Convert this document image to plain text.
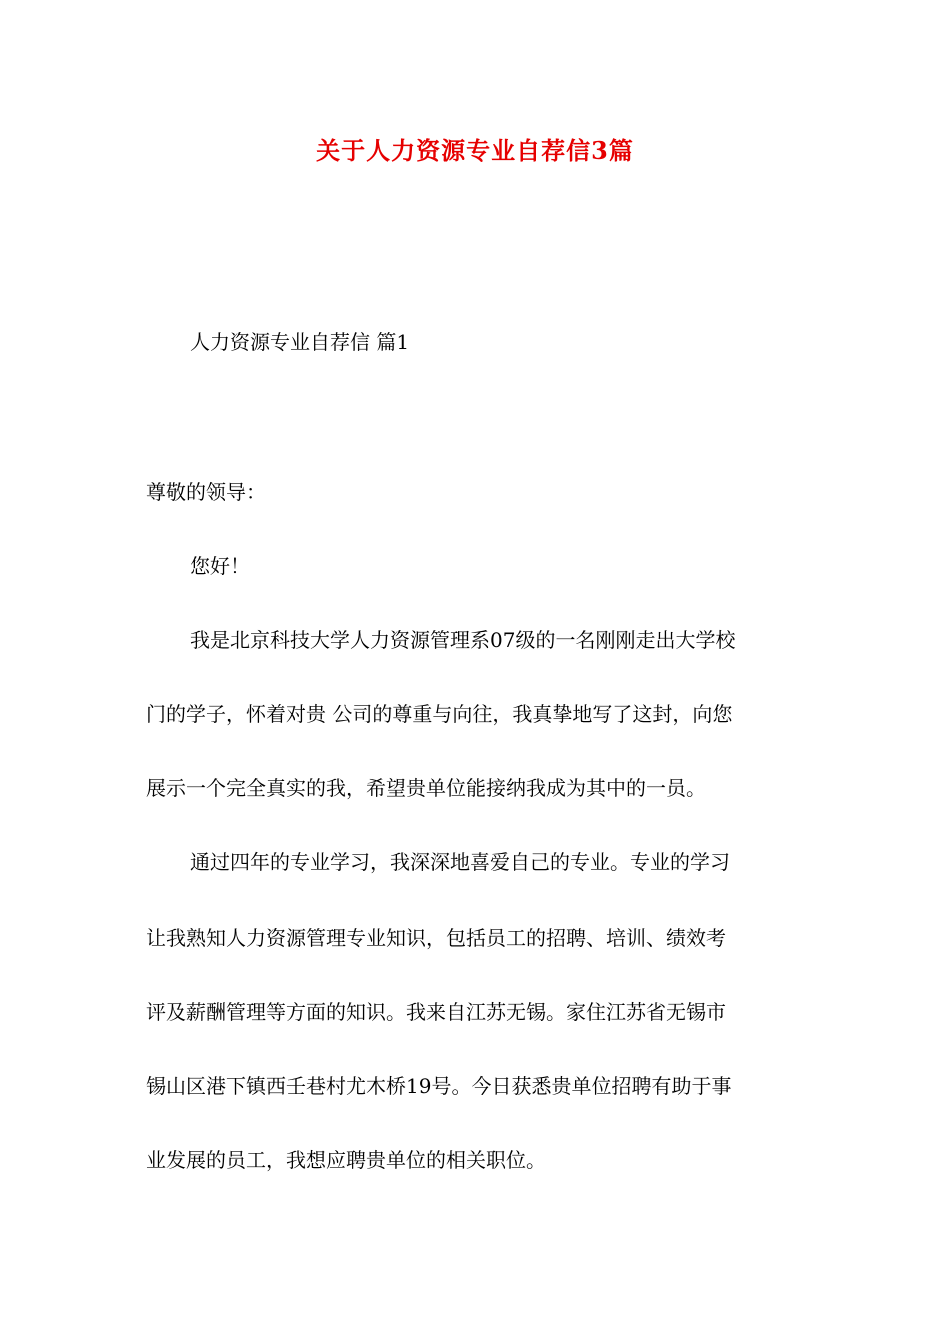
关于人力资源专业自荐信3篇
人力资源专业自荐信 篇1
尊敬的领导：
您好！
我是北京科技大学人力资源管理系07级的一名刚刚走出大学校
门的学子，怀着对贵 公司的尊重与向往，我真挚地写了这封，向您
展示一个完全真实的我，希望贵单位能接纳我成为其中的一员。
通过四年的专业学习，我深深地喜爱自己的专业。专业的学习
让我熟知人力资源管理专业知识，包括员工的招聘、培训、绩效考
评及薪酬管理等方面的知识。我来自江苏无锡。家住江苏省无锡市
锡山区港下镇西壬巷村尤木桥19号。今日获悉贵单位招聘有助于事
业发展的员工，我想应聘贵单位的相关职位。
